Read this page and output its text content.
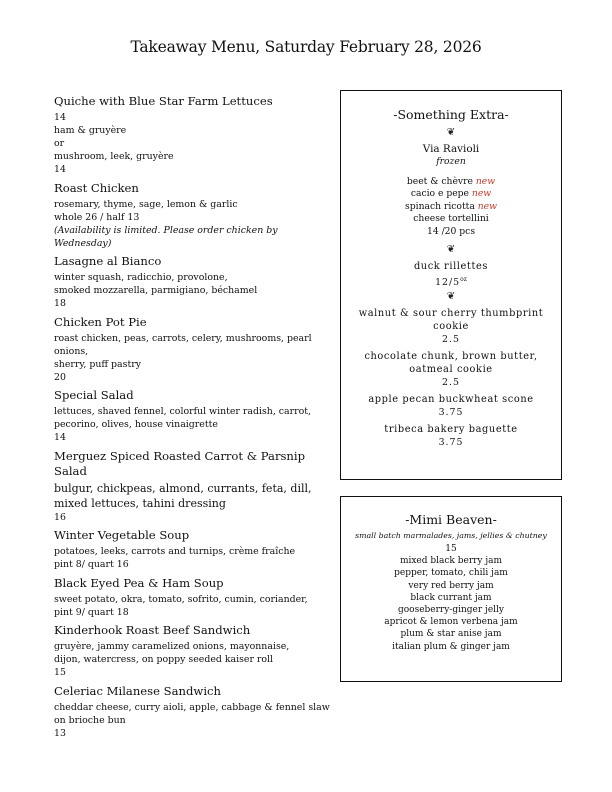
Takeaway Menu, Saturday February 28, 2026
Quiche with Blue Star Farm Lettuces
14
ham & gruyère
or
mushroom, leek, gruyère
14
Roast Chicken
rosemary, thyme, sage, lemon & garlic
whole 26 / half 13
(Availability is limited. Please order chicken by Wednesday)
Lasagne al Bianco
winter squash, radicchio, provolone,
smoked mozzarella, parmigiano, béchamel
18
Chicken Pot Pie
roast chicken, peas, carrots, celery, mushrooms, pearl onions,
sherry, puff pastry
20
Special Salad
lettuces, shaved fennel, colorful winter radish, carrot,
pecorino, olives, house vinaigrette
14
Merguez Spiced Roasted Carrot & Parsnip Salad
bulgur, chickpeas, almond, currants, feta, dill,
mixed lettuces, tahini dressing
16
Winter Vegetable Soup
potatoes, leeks, carrots and turnips, crème fraîche
pint 8/ quart 16
Black Eyed Pea & Ham Soup
sweet potato, okra, tomato, sofrito, cumin, coriander,
pint 9/ quart 18
Kinderhook Roast Beef Sandwich
gruyère, jammy caramelized onions, mayonnaise,
dijon, watercress, on poppy seeded kaiser roll
15
Celeriac Milanese Sandwich
cheddar cheese, curry aioli, apple, cabbage & fennel slaw
on brioche bun
13
-Something Extra-
❦
Via Ravioli
frozen
beet & chèvre new
cacio e pepe new
spinach ricotta new
cheese tortellini
14 /20 pcs
❦
duck rillettes
$12/5^{oz}$
❦
walnut & sour cherry thumbprint cookie
2.5
chocolate chunk, brown butter,
oatmeal cookie
2.5
apple pecan buckwheat scone
3.75
tribeca bakery baguette
3.75
-Mimi Beaven-
small batch marmalades, jams, jellies & chutney
15
mixed black berry jam
pepper, tomato, chili jam
very red berry jam
black currant jam
gooseberry-ginger jelly
apricot & lemon verbena jam
plum & star anise jam
italian plum & ginger jam
